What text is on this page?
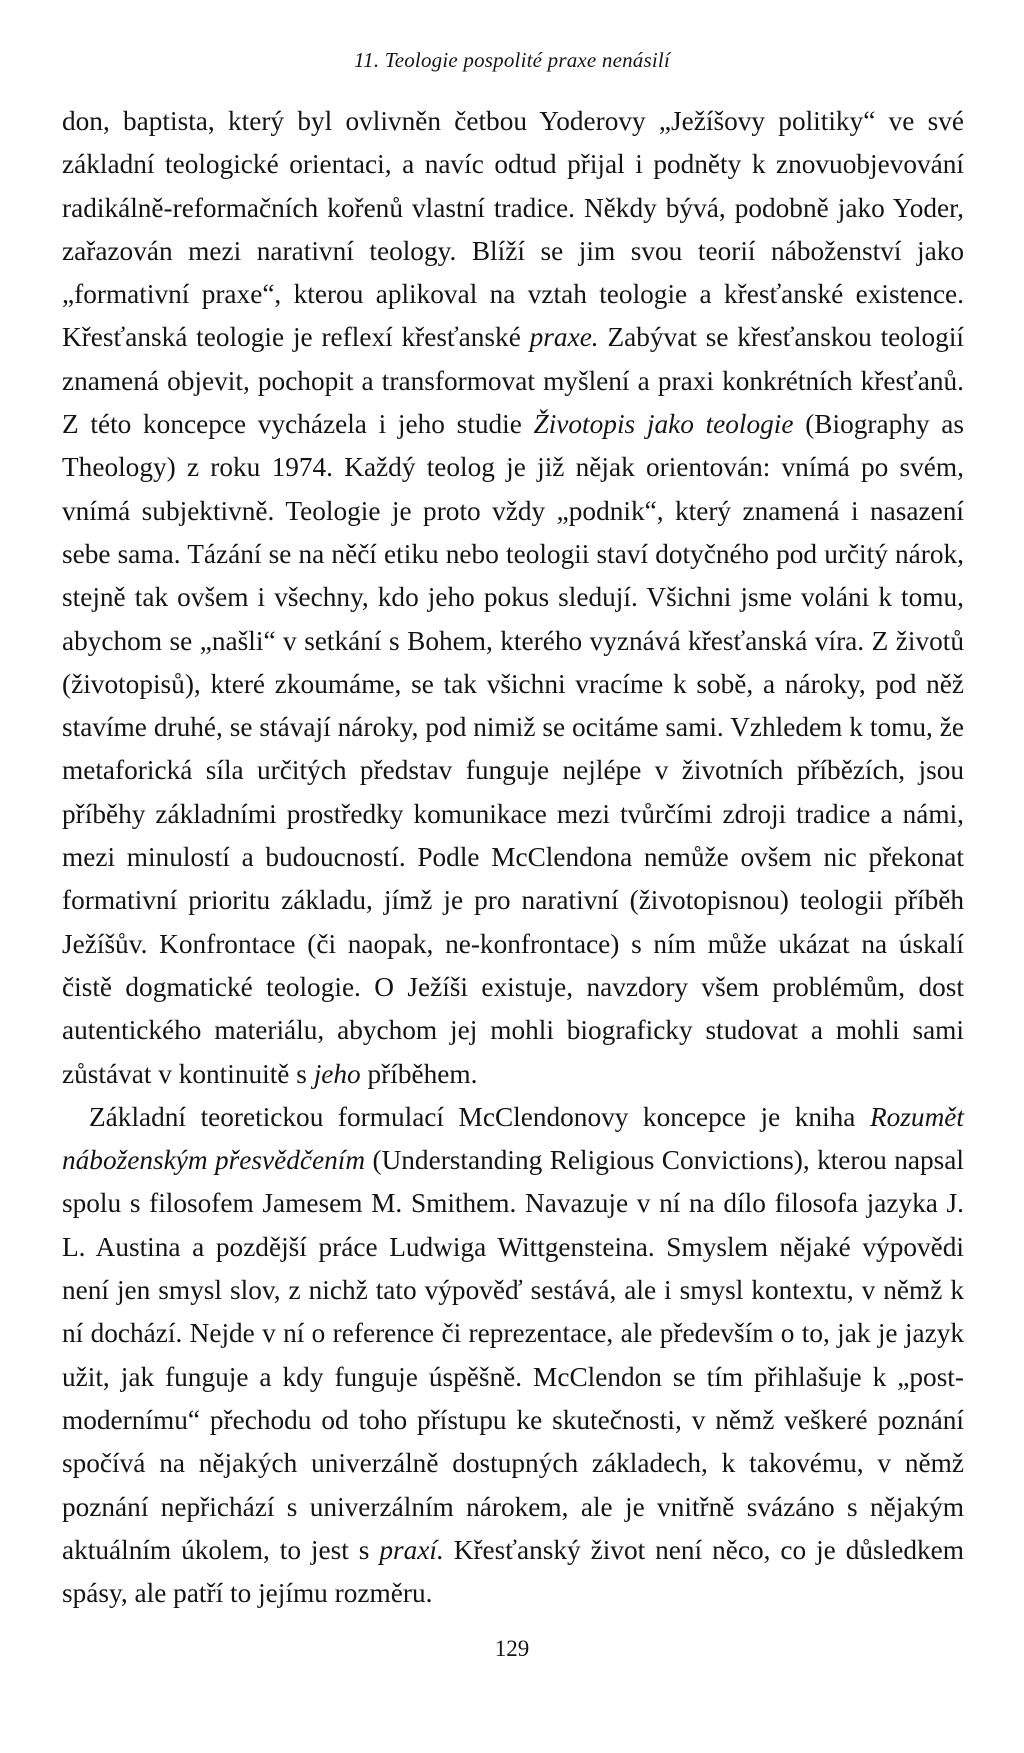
11. Teologie pospolité praxe nenásilí

don, baptista, který byl ovlivněn četbou Yoderovy „Ježíšovy politiky“ ve své základní teologické orientaci, a navíc odtud přijal i podněty k znovuobjevování radikálně-reformačních kořenů vlastní tradice. Někdy bývá, podobně jako Yoder, zařazován mezi narativní teology. Blíží se jim svou teorií náboženství jako „formativní praxe“, kterou aplikoval na vztah teologie a křesťanské existence. Křesťanská teologie je reflexí křesťanské praxe. Zabývat se křesťanskou teologií znamená objevit, pochopit a transformovat myšlení a praxi konkrétních křesťanů. Z této koncepce vycházela i jeho studie Životopis jako teologie (Biography as Theology) z roku 1974. Každý teolog je již nějak orientován: vnímá po svém, vnímá subjektivně. Teologie je proto vždy „podnik“, který znamená i nasazení sebe sama. Tázání se na něčí etiku nebo teologii staví dotyčného pod určitý nárok, stejně tak ovšem i všechny, kdo jeho pokus sledují. Všichni jsme voláni k tomu, abychom se „našli“ v setkání s Bohem, kterého vyznává křesťanská víra. Z životů (životopisů), které zkoumáme, se tak všichni vracíme k sobě, a nároky, pod něž stavíme druhé, se stávají nároky, pod nimiž se ocitáme sami. Vzhledem k tomu, že metaforická síla určitých představ funguje nejlépe v životních příbězích, jsou příběhy základními prostředky komunikace mezi tvůrčími zdroji tradice a námi, mezi minulostí a budoucností. Podle McClendona nemůže ovšem nic překonat formativní prioritu základu, jímž je pro narativní (životopisnou) teologii příběh Ježíšův. Konfrontace (či naopak, ne-konfrontace) s ním může ukázat na úskalí čistě dogmatické teologie. O Ježíši existuje, navzdory všem problémům, dost autentického materiálu, abychom jej mohli biograficky studovat a mohli sami zůstávat v kontinuitě s jeho příběhem.

Základní teoretickou formulací McClendonovy koncepce je kniha Rozumět náboženským přesvědčením (Understanding Religious Convictions), kterou napsal spolu s filosofem Jamesem M. Smithem. Navazuje v ní na dílo filosofa jazyka J. L. Austina a pozdější práce Ludwiga Wittgensteina. Smyslem nějaké výpovědi není jen smysl slov, z nichž tato výpověď sestává, ale i smysl kontextu, v němž k ní dochází. Nejde v ní o reference či reprezentace, ale především o to, jak je jazyk užit, jak funguje a kdy funguje úspěšně. McClendon se tím přihlašuje k „postmodernímu“ přechodu od toho přístupu ke skutečnosti, v němž veškeré poznání spočívá na nějakých univerzálně dostupných základech, k takovému, v němž poznání nepřichází s univerzálním nárokem, ale je vnitřně svázáno s nějakým aktuálním úkolem, to jest s praxí. Křesťanský život není něco, co je důsledkem spásy, ale patří to jejímu rozměru.

129
